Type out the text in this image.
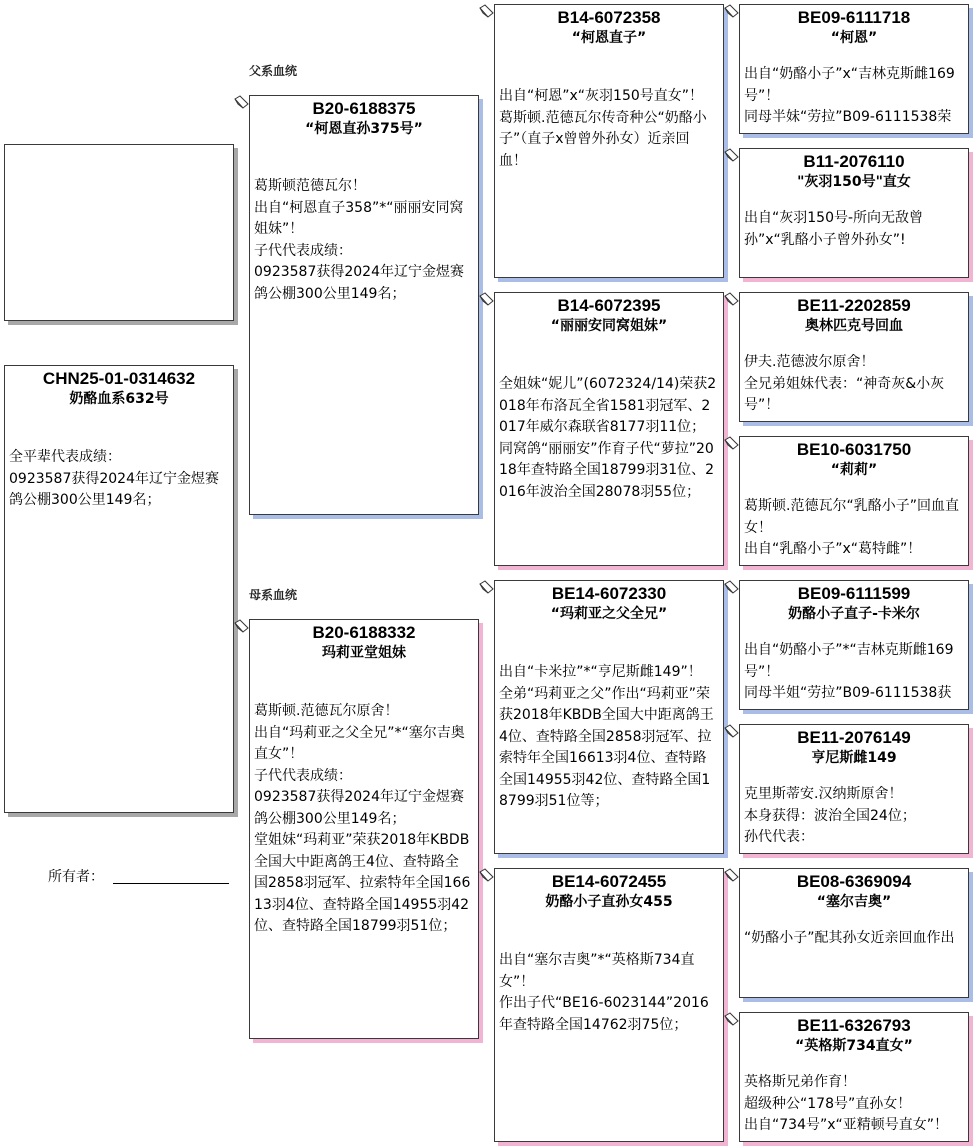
父系血统
母系血统
CHN25-01-0314632
奶酪血系632号
全平辈代表成绩：
0923587获得2024年辽宁金煜赛鸽公棚300公里149名；
所有者：
B20-6188375
“柯恩直孙375号”
葛斯顿范德瓦尔！
出自“柯恩直子358”*“丽丽安同窝姐妹”！
子代代表成绩：
0923587获得2024年辽宁金煜赛鸽公棚300公里149名；
B20-6188332
玛莉亚堂姐妹
葛斯顿.范德瓦尔原舍！
出自“玛莉亚之父全兄”*“塞尔吉奥直女”！
子代代表成绩：
0923587获得2024年辽宁金煜赛鸽公棚300公里149名；
堂姐妹“玛莉亚”荣获2018年KBDB全国大中距离鸽王4位、查特路全国2858羽冠军、拉索特年全国16613羽4位、查特路全国14955羽42位、查特路全国18799羽51位；
B14-6072358
“柯恩直子”
出自“柯恩”x“灰羽150号直女”！
葛斯顿.范德瓦尔传奇种公“奶酪小子”（直子x曾曾外孙女）近亲回血！
B14-6072395
“丽丽安同窝姐妹”
全姐妹“妮儿”(6072324/14)荣获2018年布洛瓦全省1581羽冠军、2017年威尔森联省8177羽11位；
同窝鸽“丽丽安”作育子代“萝拉”2018年查特路全国18799羽31位、2016年波治全国28078羽55位；
BE14-6072330
“玛莉亚之父全兄”
出自“卡米拉”*“亨尼斯雌149”！
全弟“玛莉亚之父”作出“玛莉亚”荣获2018年KBDB全国大中距离鸽王4位、查特路全国2858羽冠军、拉索特年全国16613羽4位、查特路全国14955羽42位、查特路全国18799羽51位等；
BE14-6072455
奶酪小子直孙女455
出自“塞尔吉奥”*“英格斯734直女”！
作出子代“BE16-6023144”2016年查特路全国14762羽75位；
BE09-6111718
“柯恩”
出自“奶酪小子”x“吉林克斯雌169号”！
同母半妹“劳拉”B09-6111538荣
B11-2076110
"灰羽150号"直女
出自“灰羽150号-所向无敌曾孙”x“乳酪小子曾外孙女”!
BE11-2202859
奥林匹克号回血
伊夫.范德波尔原舍！
全兄弟姐妹代表：“神奇灰&小灰号”！
BE10-6031750
“莉莉”
葛斯顿.范德瓦尔“乳酪小子”回血直女！
出自“乳酪小子”x“葛特雌”！
BE09-6111599
奶酪小子直子-卡米尔
出自“奶酪小子”*“吉林克斯雌169号”！
同母半姐“劳拉”B09-6111538获
BE11-2076149
亨尼斯雌149
克里斯蒂安.汉纳斯原舍！
本身获得：波治全国24位；
孙代代表：
BE08-6369094
“塞尔吉奥”
“奶酪小子”配其孙女近亲回血作出
BE11-6326793
“英格斯734直女”
英格斯兄弟作育！
超级种公“178号”直孙女！
出自“734号”x“亚精顿号直女”！
